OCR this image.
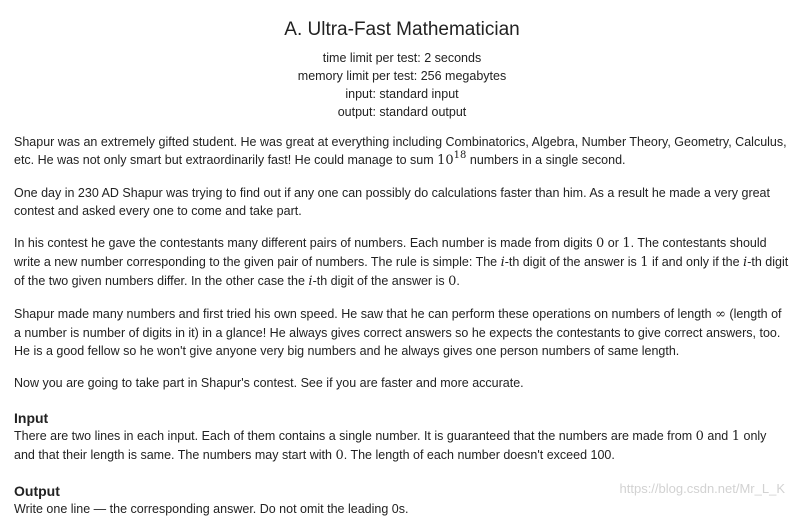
A. Ultra-Fast Mathematician
time limit per test: 2 seconds
memory limit per test: 256 megabytes
input: standard input
output: standard output

Shapur was an extremely gifted student. He was great at everything including Combinatorics, Algebra, Number Theory, Geometry, Calculus, etc. He was not only smart but extraordinarily fast! He could manage to sum $10^{18}$ numbers in a single second.

One day in 230 AD Shapur was trying to find out if any one can possibly do calculations faster than him. As a result he made a very great contest and asked every one to come and take part.

In his contest he gave the contestants many different pairs of numbers. Each number is made from digits 0 or 1. The contestants should write a new number corresponding to the given pair of numbers. The rule is simple: The i-th digit of the answer is 1 if and only if the i-th digit of the two given numbers differ. In the other case the i-th digit of the answer is 0.

Shapur made many numbers and first tried his own speed. He saw that he can perform these operations on numbers of length ∞ (length of a number is number of digits in it) in a glance! He always gives correct answers so he expects the contestants to give correct answers, too. He is a good fellow so he won't give anyone very big numbers and he always gives one person numbers of same length.

Now you are going to take part in Shapur's contest. See if you are faster and more accurate.

Input

There are two lines in each input. Each of them contains a single number. It is guaranteed that the numbers are made from 0 and 1 only and that their length is same. The numbers may start with 0. The length of each number doesn't exceed 100.

Output

Write one line — the corresponding answer. Do not omit the leading 0s.

https://blog.csdn.net/Mr_L_K
